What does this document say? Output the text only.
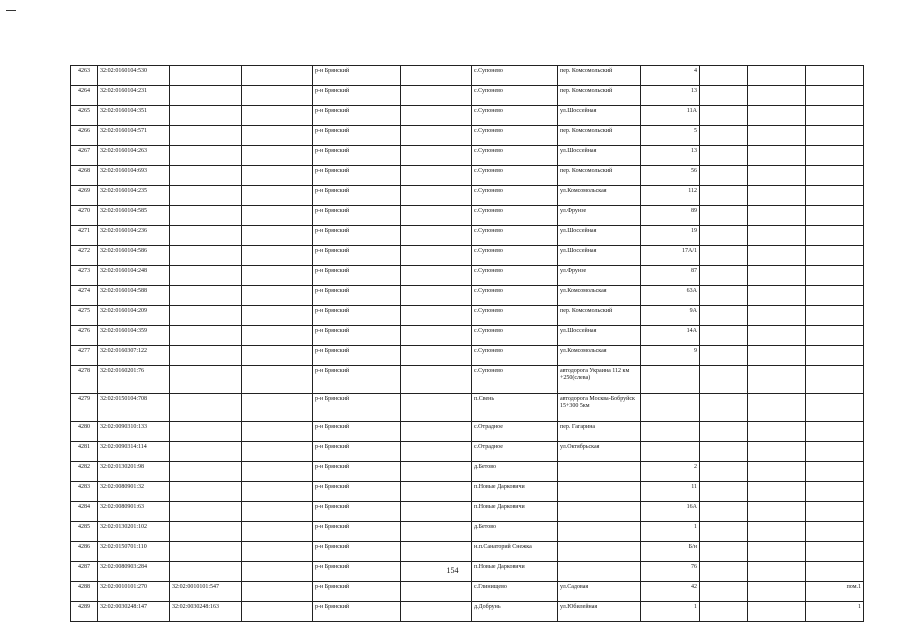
4263	32:02:0160104:530			р-н Брянский		с.Супонево	пер. Комсомольский	4			
4264	32:02:0160104:231			р-н Брянский		с.Супонево	пер. Комсомольский	13			
4265	32:02:0160104:351			р-н Брянский		с.Супонево	ул.Шоссейная	11А			
4266	32:02:0160104:571			р-н Брянский		с.Супонево	пер. Комсомольский	5			
4267	32:02:0160104:263			р-н Брянский		с.Супонево	ул.Шоссейная	13			
4268	32:02:0160104:693			р-н Брянский		с.Супонево	пер. Комсомольский	56			
4269	32:02:0160104:235			р-н Брянский		с.Супонево	ул.Комсомольская	112			
4270	32:02:0160104:585			р-н Брянский		с.Супонево	ул.Фрунзе	89			
4271	32:02:0160104:236			р-н Брянский		с.Супонево	ул.Шоссейная	19			
4272	32:02:0160104:586			р-н Брянский		с.Супонево	ул.Шоссейная	17А/1			
4273	32:02:0160104:248			р-н Брянский		с.Супонево	ул.Фрунзе	87			
4274	32:02:0160104:588			р-н Брянский		с.Супонево	ул.Комсомольская	63А			
4275	32:02:0160104:209			р-н Брянский		с.Супонево	пер. Комсомольский	9А			
4276	32:02:0160104:359			р-н Брянский		с.Супонево	ул.Шоссейная	14А			
4277	32:02:0160307:122			р-н Брянский		с.Супонево	ул.Комсомольская	9			
4278	32:02:0160201:76			р-н Брянский		с.Супонево	автодорога Украина 112 км +250(слева)				
4279	32:02:0150104:708			р-н Брянский		п.Свень	автодорога Москва-Бобруйск 15+300 5км				
4280	32:02:0090310:133			р-н Брянский		с.Отрадное	пер. Гагарина				
4281	32:02:0090314:114			р-н Брянский		с.Отрадное	ул.Октябрьская				
4282	32:02:0130201:98			р-н Брянский		д.Бетово		2			
4283	32:02:0080901:32			р-н Брянский		п.Новые Дарковичи		11			
4284	32:02:0080901:63			р-н Брянский		п.Новые Дарковичи		16А			
4285	32:02:0130201:102			р-н Брянский		д.Бетово		1			
4286	32:02:0150701:110			р-н Брянский		н.п.Санаторий Снежка		Б/н			
4287	32:02:0080903:284			р-н Брянский		п.Новые Дарковичи		76			
4288	32:02:0010101:270	32:02:0010101:547		р-н Брянский		с.Глинищево	ул.Садовая	42			пом.1
4289	32:02:0030248:147	32:02:0030248:163		р-н Брянский		д.Добрунь	ул.Юбилейная	1			1
154
